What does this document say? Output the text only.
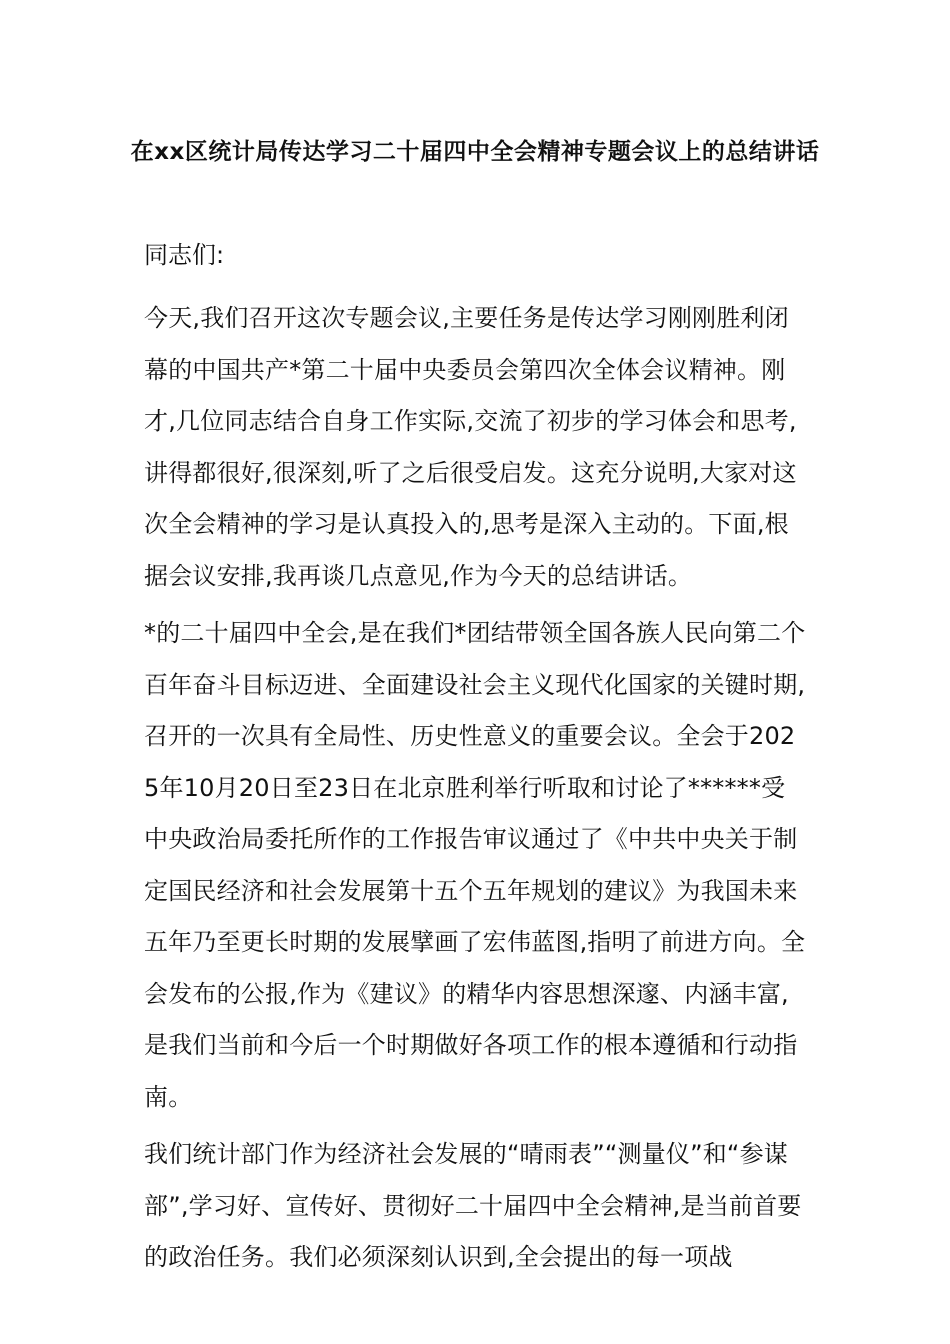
在xx区统计局传达学习二十届四中全会精神专题会议上的总结讲话

同志们:

今天,我们召开这次专题会议,主要任务是传达学习刚刚胜利闭幕的中国共产*第二十届中央委员会第四次全体会议精神。刚才,几位同志结合自身工作实际,交流了初步的学习体会和思考,讲得都很好,很深刻,听了之后很受启发。这充分说明,大家对这次全会精神的学习是认真投入的,思考是深入主动的。下面,根据会议安排,我再谈几点意见,作为今天的总结讲话。

*的二十届四中全会,是在我们*团结带领全国各族人民向第二个百年奋斗目标迈进、全面建设社会主义现代化国家的关键时期,召开的一次具有全局性、历史性意义的重要会议。全会于2025年10月20日至23日在北京胜利举行听取和讨论了******受中央政治局委托所作的工作报告审议通过了《中共中央关于制定国民经济和社会发展第十五个五年规划的建议》为我国未来五年乃至更长时期的发展擘画了宏伟蓝图,指明了前进方向。全会发布的公报,作为《建议》的精华内容思想深邃、内涵丰富,是我们当前和今后一个时期做好各项工作的根本遵循和行动指南。

我们统计部门作为经济社会发展的“晴雨表”“测量仪”和“参谋部”,学习好、宣传好、贯彻好二十届四中全会精神,是当前首要的政治任务。我们必须深刻认识到,全会提出的每一项战
